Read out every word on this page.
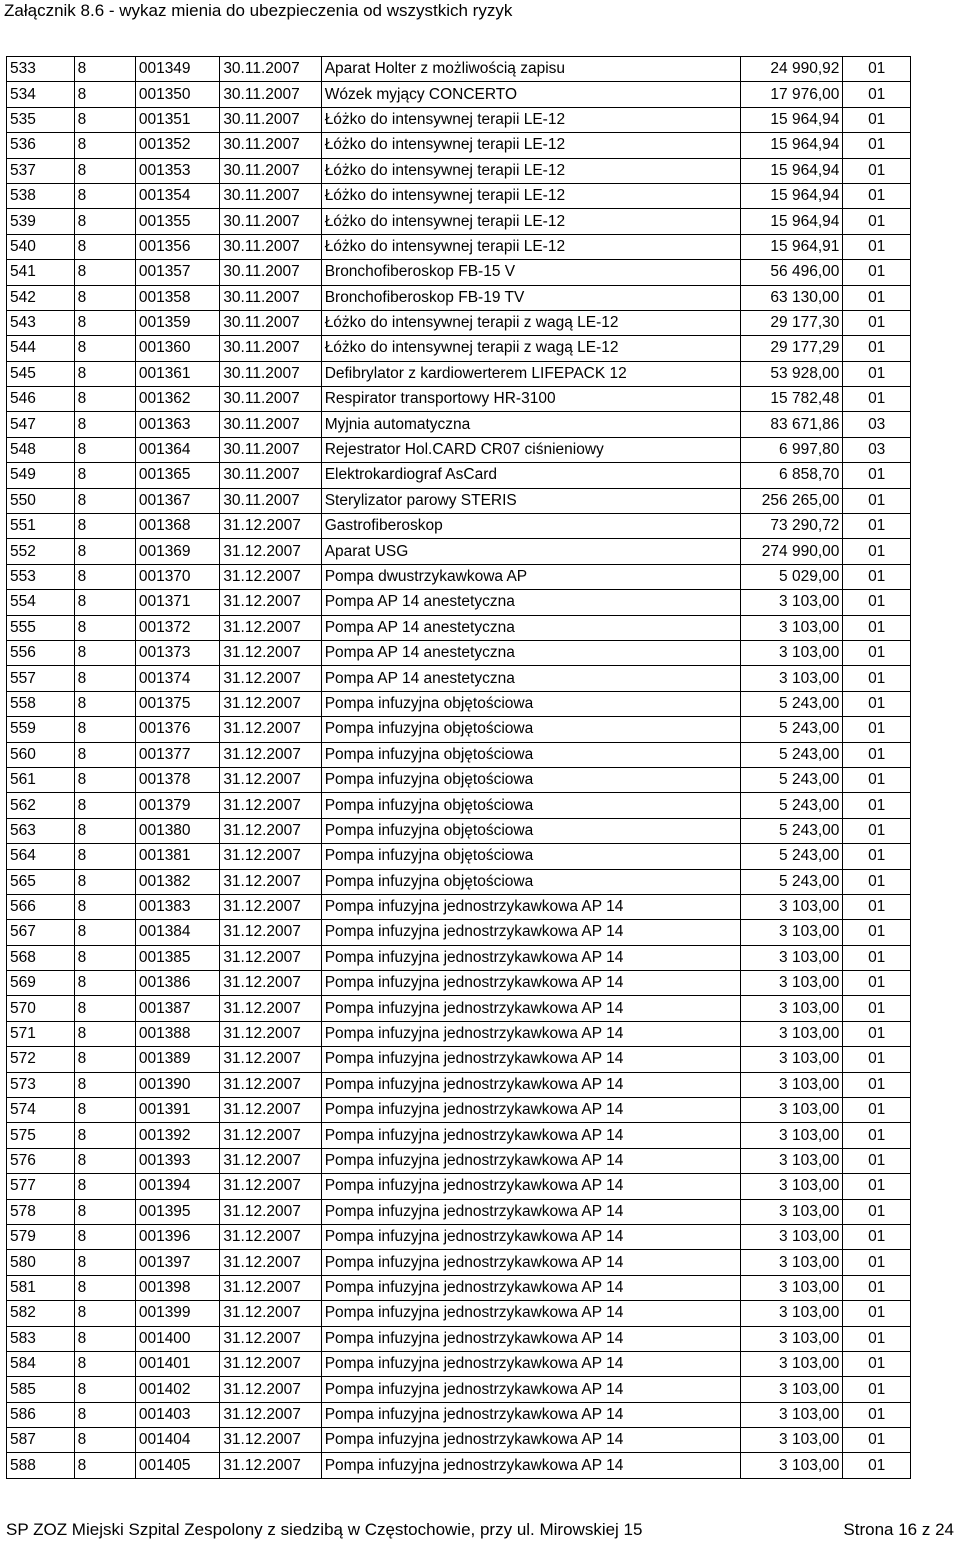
Załącznik 8.6 - wykaz mienia do ubezpieczenia od wszystkich ryzyk
533	8	001349	30.11.2007	Aparat Holter z możliwością zapisu	24 990,92	01
534	8	001350	30.11.2007	Wózek myjący CONCERTO	17 976,00	01
535	8	001351	30.11.2007	Łóżko do intensywnej terapii LE-12	15 964,94	01
536	8	001352	30.11.2007	Łóżko do intensywnej terapii LE-12	15 964,94	01
537	8	001353	30.11.2007	Łóżko do intensywnej terapii LE-12	15 964,94	01
538	8	001354	30.11.2007	Łóżko do intensywnej terapii LE-12	15 964,94	01
539	8	001355	30.11.2007	Łóżko do intensywnej terapii LE-12	15 964,94	01
540	8	001356	30.11.2007	Łóżko do intensywnej terapii LE-12	15 964,91	01
541	8	001357	30.11.2007	Bronchofiberoskop FB-15 V	56 496,00	01
542	8	001358	30.11.2007	Bronchofiberoskop FB-19 TV	63 130,00	01
543	8	001359	30.11.2007	Łóżko do intensywnej terapii z wagą LE-12	29 177,30	01
544	8	001360	30.11.2007	Łóżko do intensywnej terapii z wagą LE-12	29 177,29	01
545	8	001361	30.11.2007	Defibrylator z kardiowerterem LIFEPACK 12	53 928,00	01
546	8	001362	30.11.2007	Respirator transportowy HR-3100	15 782,48	01
547	8	001363	30.11.2007	Myjnia automatyczna	83 671,86	03
548	8	001364	30.11.2007	Rejestrator Hol.CARD CR07 ciśnieniowy	6 997,80	03
549	8	001365	30.11.2007	Elektrokardiograf AsCard	6 858,70	01
550	8	001367	30.11.2007	Sterylizator parowy STERIS	256 265,00	01
551	8	001368	31.12.2007	Gastrofiberoskop	73 290,72	01
552	8	001369	31.12.2007	Aparat USG	274 990,00	01
553	8	001370	31.12.2007	Pompa dwustrzykawkowa AP	5 029,00	01
554	8	001371	31.12.2007	Pompa AP 14 anestetyczna	3 103,00	01
555	8	001372	31.12.2007	Pompa AP 14 anestetyczna	3 103,00	01
556	8	001373	31.12.2007	Pompa AP 14 anestetyczna	3 103,00	01
557	8	001374	31.12.2007	Pompa AP 14 anestetyczna	3 103,00	01
558	8	001375	31.12.2007	Pompa infuzyjna objętościowa	5 243,00	01
559	8	001376	31.12.2007	Pompa infuzyjna objętościowa	5 243,00	01
560	8	001377	31.12.2007	Pompa infuzyjna objętościowa	5 243,00	01
561	8	001378	31.12.2007	Pompa infuzyjna objętościowa	5 243,00	01
562	8	001379	31.12.2007	Pompa infuzyjna objętościowa	5 243,00	01
563	8	001380	31.12.2007	Pompa infuzyjna objętościowa	5 243,00	01
564	8	001381	31.12.2007	Pompa infuzyjna objętościowa	5 243,00	01
565	8	001382	31.12.2007	Pompa infuzyjna objętościowa	5 243,00	01
566	8	001383	31.12.2007	Pompa infuzyjna jednostrzykawkowa AP 14	3 103,00	01
567	8	001384	31.12.2007	Pompa infuzyjna jednostrzykawkowa AP 14	3 103,00	01
568	8	001385	31.12.2007	Pompa infuzyjna jednostrzykawkowa AP 14	3 103,00	01
569	8	001386	31.12.2007	Pompa infuzyjna jednostrzykawkowa AP 14	3 103,00	01
570	8	001387	31.12.2007	Pompa infuzyjna jednostrzykawkowa AP 14	3 103,00	01
571	8	001388	31.12.2007	Pompa infuzyjna jednostrzykawkowa AP 14	3 103,00	01
572	8	001389	31.12.2007	Pompa infuzyjna jednostrzykawkowa AP 14	3 103,00	01
573	8	001390	31.12.2007	Pompa infuzyjna jednostrzykawkowa AP 14	3 103,00	01
574	8	001391	31.12.2007	Pompa infuzyjna jednostrzykawkowa AP 14	3 103,00	01
575	8	001392	31.12.2007	Pompa infuzyjna jednostrzykawkowa AP 14	3 103,00	01
576	8	001393	31.12.2007	Pompa infuzyjna jednostrzykawkowa AP 14	3 103,00	01
577	8	001394	31.12.2007	Pompa infuzyjna jednostrzykawkowa AP 14	3 103,00	01
578	8	001395	31.12.2007	Pompa infuzyjna jednostrzykawkowa AP 14	3 103,00	01
579	8	001396	31.12.2007	Pompa infuzyjna jednostrzykawkowa AP 14	3 103,00	01
580	8	001397	31.12.2007	Pompa infuzyjna jednostrzykawkowa AP 14	3 103,00	01
581	8	001398	31.12.2007	Pompa infuzyjna jednostrzykawkowa AP 14	3 103,00	01
582	8	001399	31.12.2007	Pompa infuzyjna jednostrzykawkowa AP 14	3 103,00	01
583	8	001400	31.12.2007	Pompa infuzyjna jednostrzykawkowa AP 14	3 103,00	01
584	8	001401	31.12.2007	Pompa infuzyjna jednostrzykawkowa AP 14	3 103,00	01
585	8	001402	31.12.2007	Pompa infuzyjna jednostrzykawkowa AP 14	3 103,00	01
586	8	001403	31.12.2007	Pompa infuzyjna jednostrzykawkowa AP 14	3 103,00	01
587	8	001404	31.12.2007	Pompa infuzyjna jednostrzykawkowa AP 14	3 103,00	01
588	8	001405	31.12.2007	Pompa infuzyjna jednostrzykawkowa AP 14	3 103,00	01
SP ZOZ Miejski Szpital Zespolony z siedzibą w Częstochowie, przy ul. Mirowskiej 15	Strona 16 z 24
